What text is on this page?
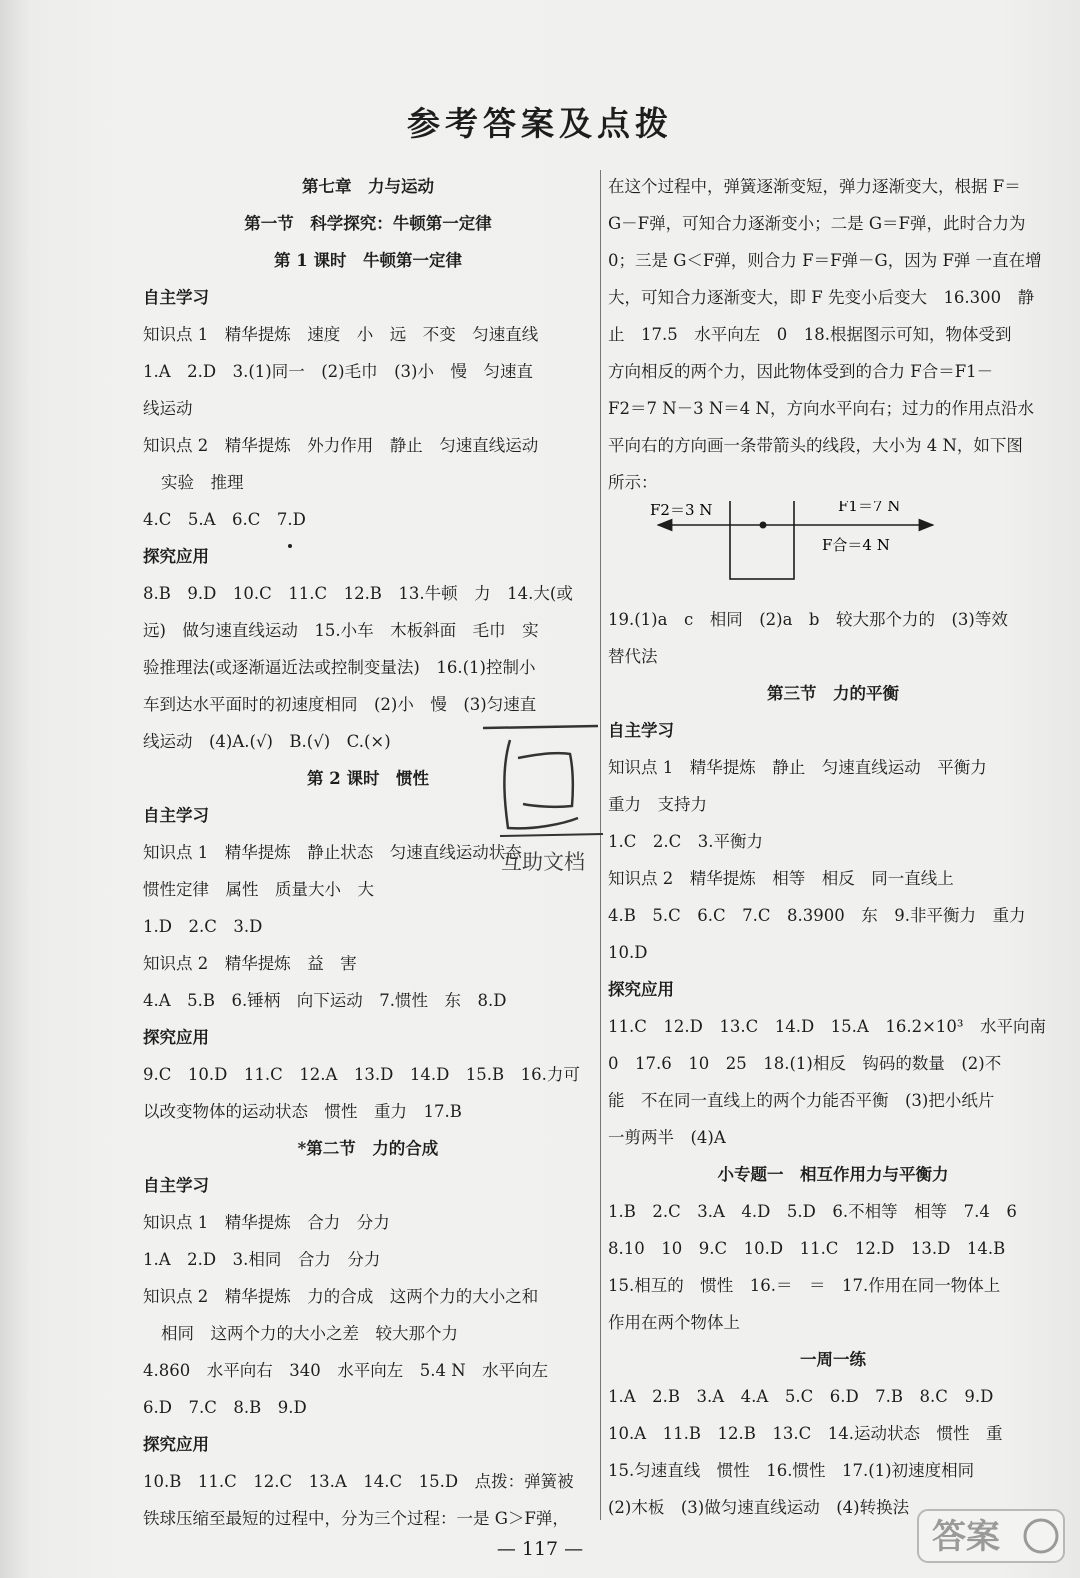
参考答案及点拨
第七章　力与运动
第一节　科学探究：牛顿第一定律
第 1 课时　牛顿第一定律
自主学习
知识点 1　精华提炼　速度　小　远　不变　匀速直线
1.A　2.D　3.(1)同一　(2)毛巾　(3)小　慢　匀速直
线运动
知识点 2　精华提炼　外力作用　静止　匀速直线运动
实验　推理
4.C　5.A　6.C　7.D
探究应用
8.B　9.D　10.C　11.C　12.B　13.牛顿　力　14.大(或
远)　做匀速直线运动　15.小车　木板斜面　毛巾　实
验推理法(或逐渐逼近法或控制变量法)　16.(1)控制小
车到达水平面时的初速度相同　(2)小　慢　(3)匀速直
线运动　(4)A.(√)　B.(√)　C.(×)
第 2 课时　惯性
自主学习
知识点 1　精华提炼　静止状态　匀速直线运动状态
惯性定律　属性　质量大小　大
1.D　2.C　3.D
知识点 2　精华提炼　益　害
4.A　5.B　6.锤柄　向下运动　7.惯性　东　8.D
探究应用
9.C　10.D　11.C　12.A　13.D　14.D　15.B　16.力可
以改变物体的运动状态　惯性　重力　17.B
*第二节　力的合成
自主学习
知识点 1　精华提炼　合力　分力
1.A　2.D　3.相同　合力　分力
知识点 2　精华提炼　力的合成　这两个力的大小之和
相同　这两个力的大小之差　较大那个力
4.860　水平向右　340　水平向左　5.4 N　水平向左
6.D　7.C　8.B　9.D
探究应用
10.B　11.C　12.C　13.A　14.C　15.D　点拨：弹簧被
铁球压缩至最短的过程中，分为三个过程：一是 G＞F弹，
在这个过程中，弹簧逐渐变短，弹力逐渐变大，根据 F＝
G－F弹，可知合力逐渐变小；二是 G＝F弹，此时合力为
0；三是 G＜F弹，则合力 F＝F弹－G，因为 F弹 一直在增
大，可知合力逐渐变大，即 F 先变小后变大　16.300　静
止　17.5　水平向左　0　18.根据图示可知，物体受到
方向相反的两个力，因此物体受到的合力 F合＝F1－
F2＝7 N－3 N＝4 N，方向水平向右；过力的作用点沿水
平向右的方向画一条带箭头的线段，大小为 4 N，如下图
所示：
F2＝3 N	F1＝7 N
F合＝4 N
19.(1)a　c　相同　(2)a　b　较大那个力的　(3)等效
替代法
第三节　力的平衡
自主学习
知识点 1　精华提炼　静止　匀速直线运动　平衡力
重力　支持力
1.C　2.C　3.平衡力
知识点 2　精华提炼　相等　相反　同一直线上
4.B　5.C　6.C　7.C　8.3900　东　9.非平衡力　重力
10.D
探究应用
11.C　12.D　13.C　14.D　15.A　16.2×10³　水平向南
0　17.6　10　25　18.(1)相反　钩码的数量　(2)不
能　不在同一直线上的两个力能否平衡　(3)把小纸片
一剪两半　(4)A
小专题一　相互作用力与平衡力
1.B　2.C　3.A　4.D　5.D　6.不相等　相等　7.4　6
8.10　10　9.C　10.D　11.C　12.D　13.D　14.B
15.相互的　惯性　16.＝　＝　17.作用在同一物体上
作用在两个物体上
一周一练
1.A　2.B　3.A　4.A　5.C　6.D　7.B　8.C　9.D
10.A　11.B　12.B　13.C　14.运动状态　惯性　重
15.匀速直线　惯性　16.惯性　17.(1)初速度相同
(2)木板　(3)做匀速直线运动　(4)转换法
互助文档
答案
— 117 —
